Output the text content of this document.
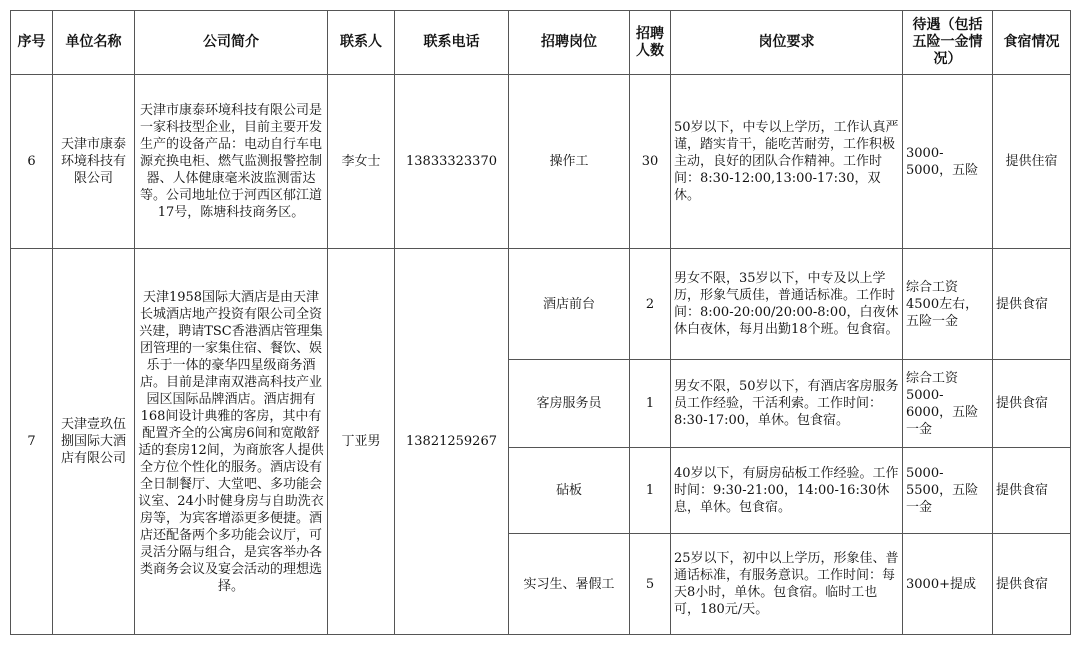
序号	单位名称	公司简介	联系人	联系电话	招聘岗位	招聘人数	岗位要求	待遇（包括五险一金情况）	食宿情况
6	天津市康泰环境科技有限公司	天津市康泰环境科技有限公司是一家科技型企业，目前主要开发生产的设备产品：电动自行车电源充换电柜、燃气监测报警控制器、人体健康毫米波监测雷达等。公司地址位于河西区郁江道17号，陈塘科技商务区。	李女士	13833323370	操作工	30	50岁以下，中专以上学历，工作认真严谨，踏实肯干，能吃苦耐劳，工作积极主动，良好的团队合作精神。工作时间：8:30-12:00,13:00-17:30，双休。	3000-5000，五险	提供住宿
7	天津壹玖伍捌国际大酒店有限公司	天津1958国际大酒店是由天津长城酒店地产投资有限公司全资兴建，聘请TSC香港酒店管理集团管理的一家集住宿、餐饮、娱乐于一体的豪华四星级商务酒店。目前是津南双港高科技产业园区国际品牌酒店。酒店拥有168间设计典雅的客房，其中有配置齐全的公寓房6间和宽敞舒适的套房12间，为商旅客人提供全方位个性化的服务。酒店设有全日制餐厅、大堂吧、多功能会议室、24小时健身房与自助洗衣房等，为宾客增添更多便捷。酒店还配备两个多功能会议厅，可灵活分隔与组合，是宾客举办各类商务会议及宴会活动的理想选择。	丁亚男	13821259267	酒店前台	2	男女不限，35岁以下，中专及以上学历，形象气质佳，普通话标准。工作时间：8:00-20:00/20:00-8:00，白夜休休白夜休，每月出勤18个班。包食宿。	综合工资4500左右，五险一金	提供食宿
					客房服务员	1	男女不限，50岁以下，有酒店客房服务员工作经验，干活利索。工作时间：8:30-17:00，单休。包食宿。	综合工资5000-6000，五险一金	提供食宿
					砧板	1	40岁以下，有厨房砧板工作经验。工作时间：9:30-21:00，14:00-16:30休息，单休。包食宿。	5000-5500，五险一金	提供食宿
					实习生、暑假工	5	25岁以下，初中以上学历，形象佳、普通话标准，有服务意识。工作时间：每天8小时，单休。包食宿。临时工也可，180元/天。	3000+提成	提供食宿
